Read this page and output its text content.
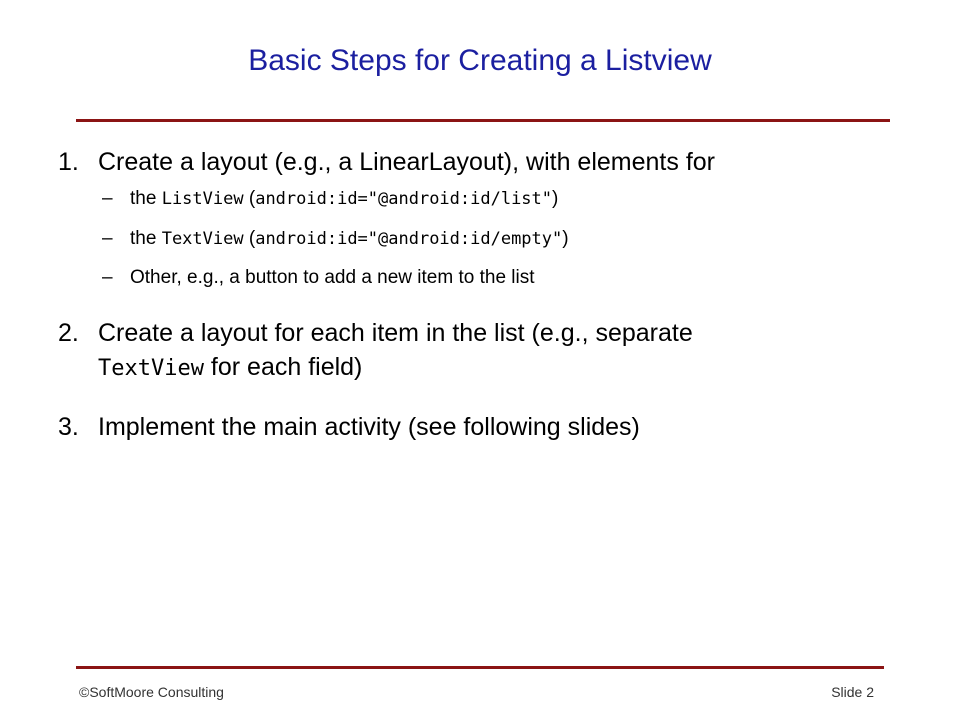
Basic Steps for Creating a Listview
1. Create a layout (e.g., a LinearLayout), with elements for
– the ListView (android:id="@android:id/list")
– the TextView (android:id="@android:id/empty")
– Other, e.g., a button to add a new item to the list
2. Create a layout for each item in the list (e.g., separate
TextView for each field)
3. Implement the main activity (see following slides)
©SoftMoore Consulting	Slide 2
